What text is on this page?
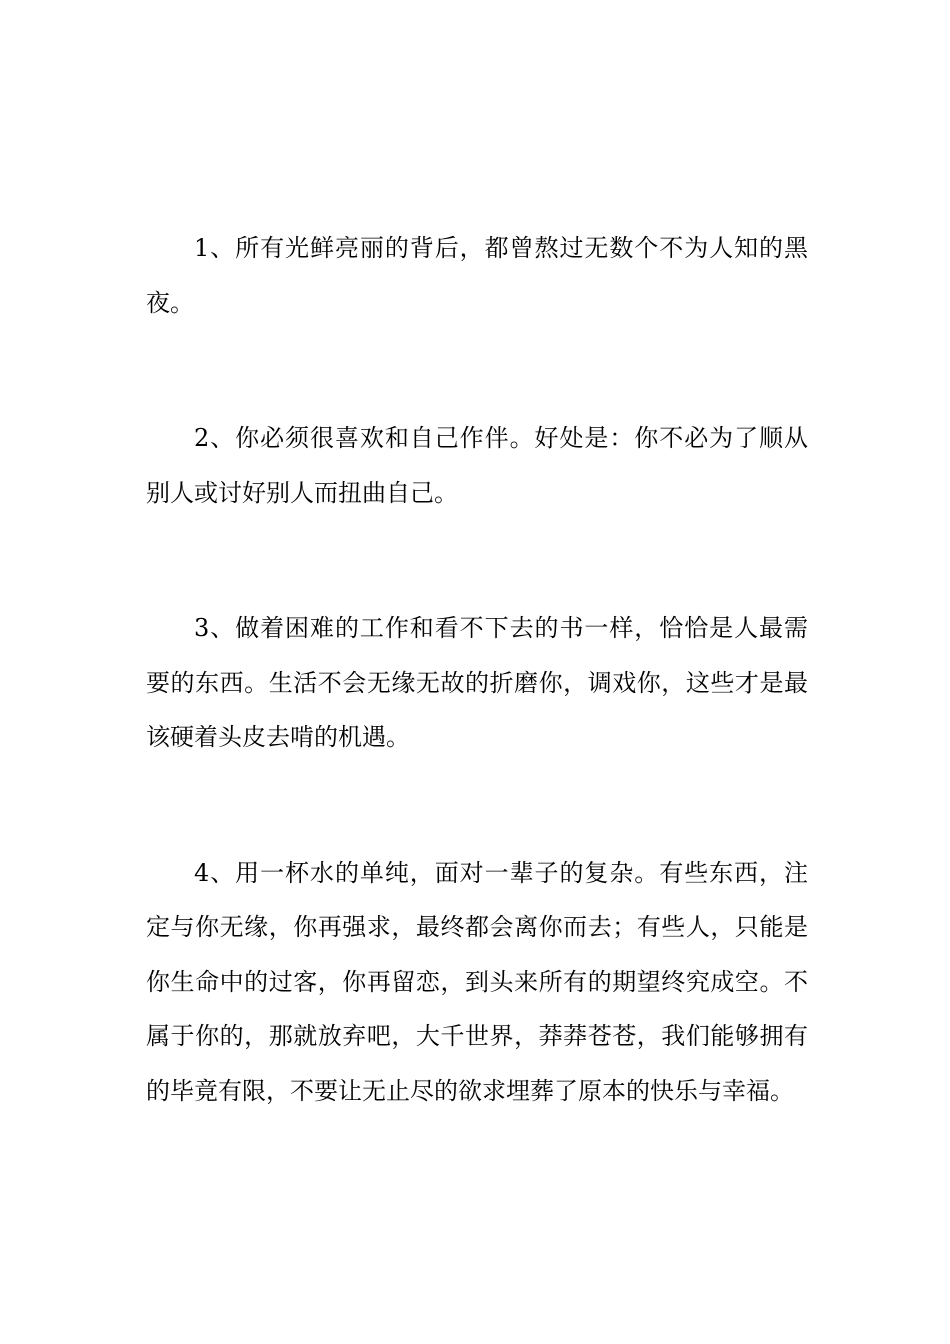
1、所有光鲜亮丽的背后，都曾熬过无数个不为人知的黑夜。

2、你必须很喜欢和自己作伴。好处是：你不必为了顺从别人或讨好别人而扭曲自己。

3、做着困难的工作和看不下去的书一样，恰恰是人最需要的东西。生活不会无缘无故的折磨你，调戏你，这些才是最该硬着头皮去啃的机遇。

4、用一杯水的单纯，面对一辈子的复杂。有些东西，注定与你无缘，你再强求，最终都会离你而去；有些人，只能是你生命中的过客，你再留恋，到头来所有的期望终究成空。不属于你的，那就放弃吧，大千世界，莽莽苍苍，我们能够拥有的毕竟有限，不要让无止尽的欲求埋葬了原本的快乐与幸福。
